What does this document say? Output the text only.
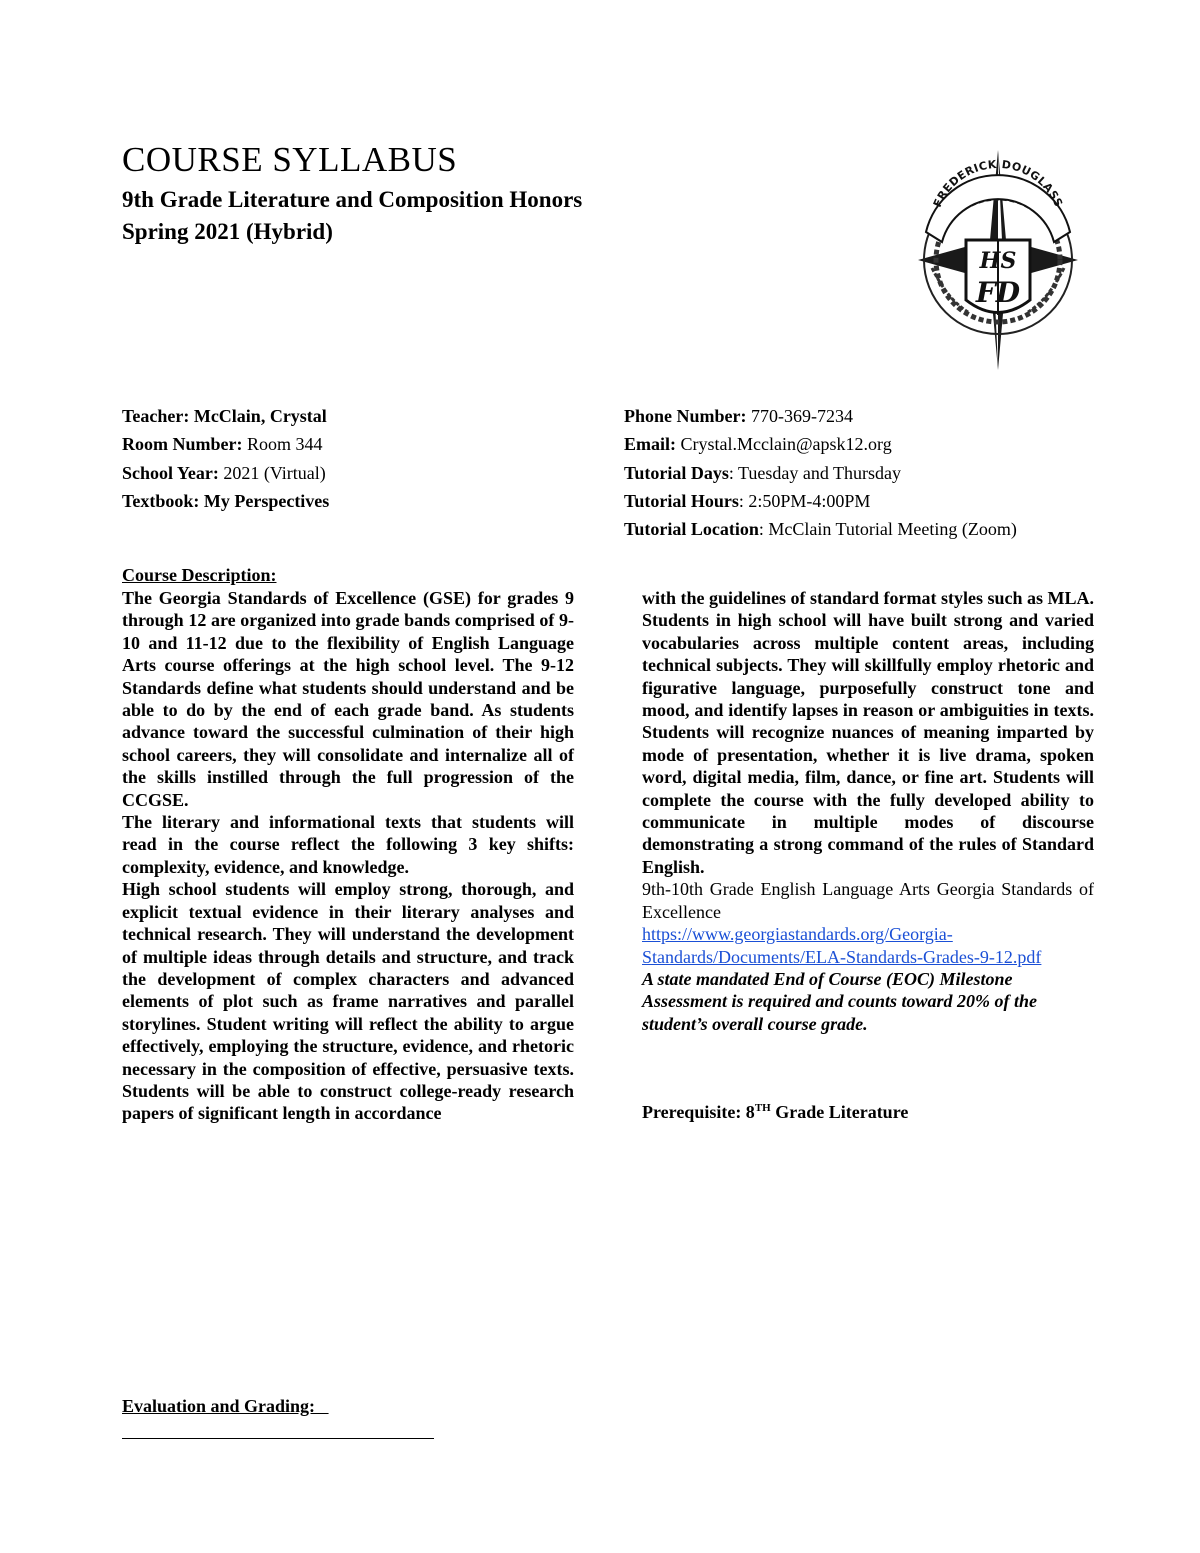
COURSE SYLLABUS
9th Grade Literature and Composition Honors
Spring 2021 (Hybrid)
FREDERICK DOUGLASS
HS
FD
Teacher: McClain, Crystal
Room Number: Room 344
School Year: 2021 (Virtual)
Textbook: My Perspectives
Phone Number: 770-369-7234
Email: Crystal.Mcclain@apsk12.org
Tutorial Days: Tuesday and Thursday
Tutorial Hours: 2:50PM-4:00PM
Tutorial Location: McClain Tutorial Meeting (Zoom)
Course Description:

The Georgia Standards of Excellence (GSE) for grades 9 through 12 are organized into grade bands comprised of 9-10 and 11-12 due to the flexibility of English Language Arts course offerings at the high school level. The 9-12 Standards define what students should understand and be able to do by the end of each grade band. As students advance toward the successful culmination of their high school careers, they will consolidate and internalize all of the skills instilled through the full progression of the CCGSE.

The literary and informational texts that students will read in the course reflect the following 3 key shifts: complexity, evidence, and knowledge.

High school students will employ strong, thorough, and explicit textual evidence in their literary analyses and technical research. They will understand the development of multiple ideas through details and structure, and track the development of complex characters and advanced elements of plot such as frame narratives and parallel storylines. Student writing will reflect the ability to argue effectively, employing the structure, evidence, and rhetoric necessary in the composition of effective, persuasive texts. Students will be able to construct college-ready research papers of significant length in accordance

with the guidelines of standard format styles such as MLA. Students in high school will have built strong and varied vocabularies across multiple content areas, including technical subjects. They will skillfully employ rhetoric and figurative language, purposefully construct tone and mood, and identify lapses in reason or ambiguities in texts. Students will recognize nuances of meaning imparted by mode of presentation, whether it is live drama, spoken word, digital media, film, dance, or fine art. Students will complete the course with the fully developed ability to communicate in multiple modes of discourse demonstrating a strong command of the rules of Standard English.

9th-10th Grade English Language Arts Georgia Standards of Excellence

https://www.georgiastandards.org/Georgia-
Standards/Documents/ELA-Standards-Grades-9-12.pdf

A state mandated End of Course (EOC) Milestone Assessment is required and counts toward 20% of the student’s overall course grade.

Prerequisite: 8TH Grade Literature
Evaluation and Grading:
